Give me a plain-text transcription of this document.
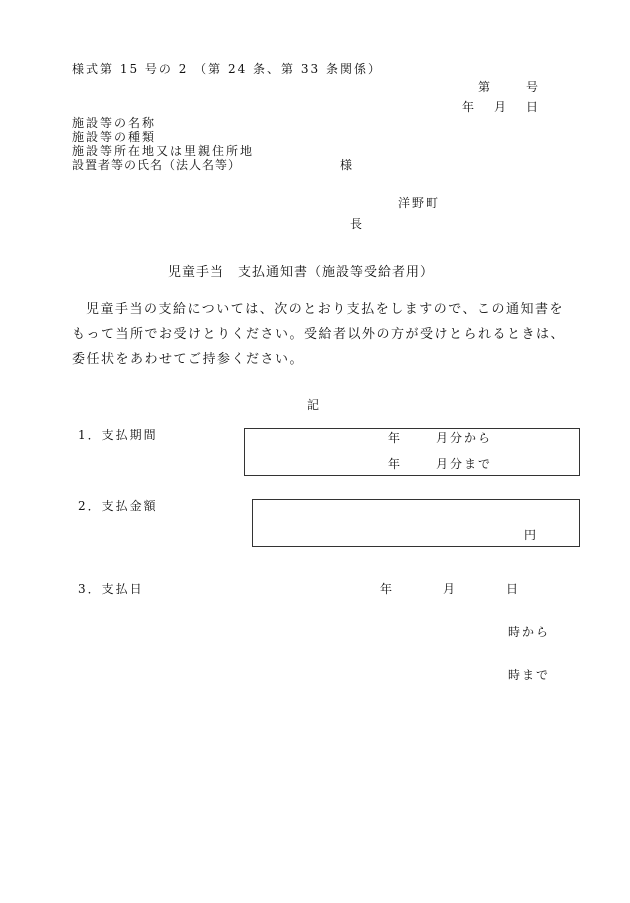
様式第 15 号の 2 （第 24 条、第 33 条関係）
第	号
年 月 日
施設等の名称
施設等の種類
施設等所在地又は里親住所地
設置者等の氏名（法人名等）	様
洋野町
長
児童手当　支払通知書（施設等受給者用）
児童手当の支給については、次のとおり支払をしますので、この通知書をもって当所でお受けとりください。受給者以外の方が受けとられるときは、委任状をあわせてご持参ください。
記
1．支払期間	年	月分から
年	月分まで
2．支払金額
円
3．支払日	年	月	日
時から
時まで
